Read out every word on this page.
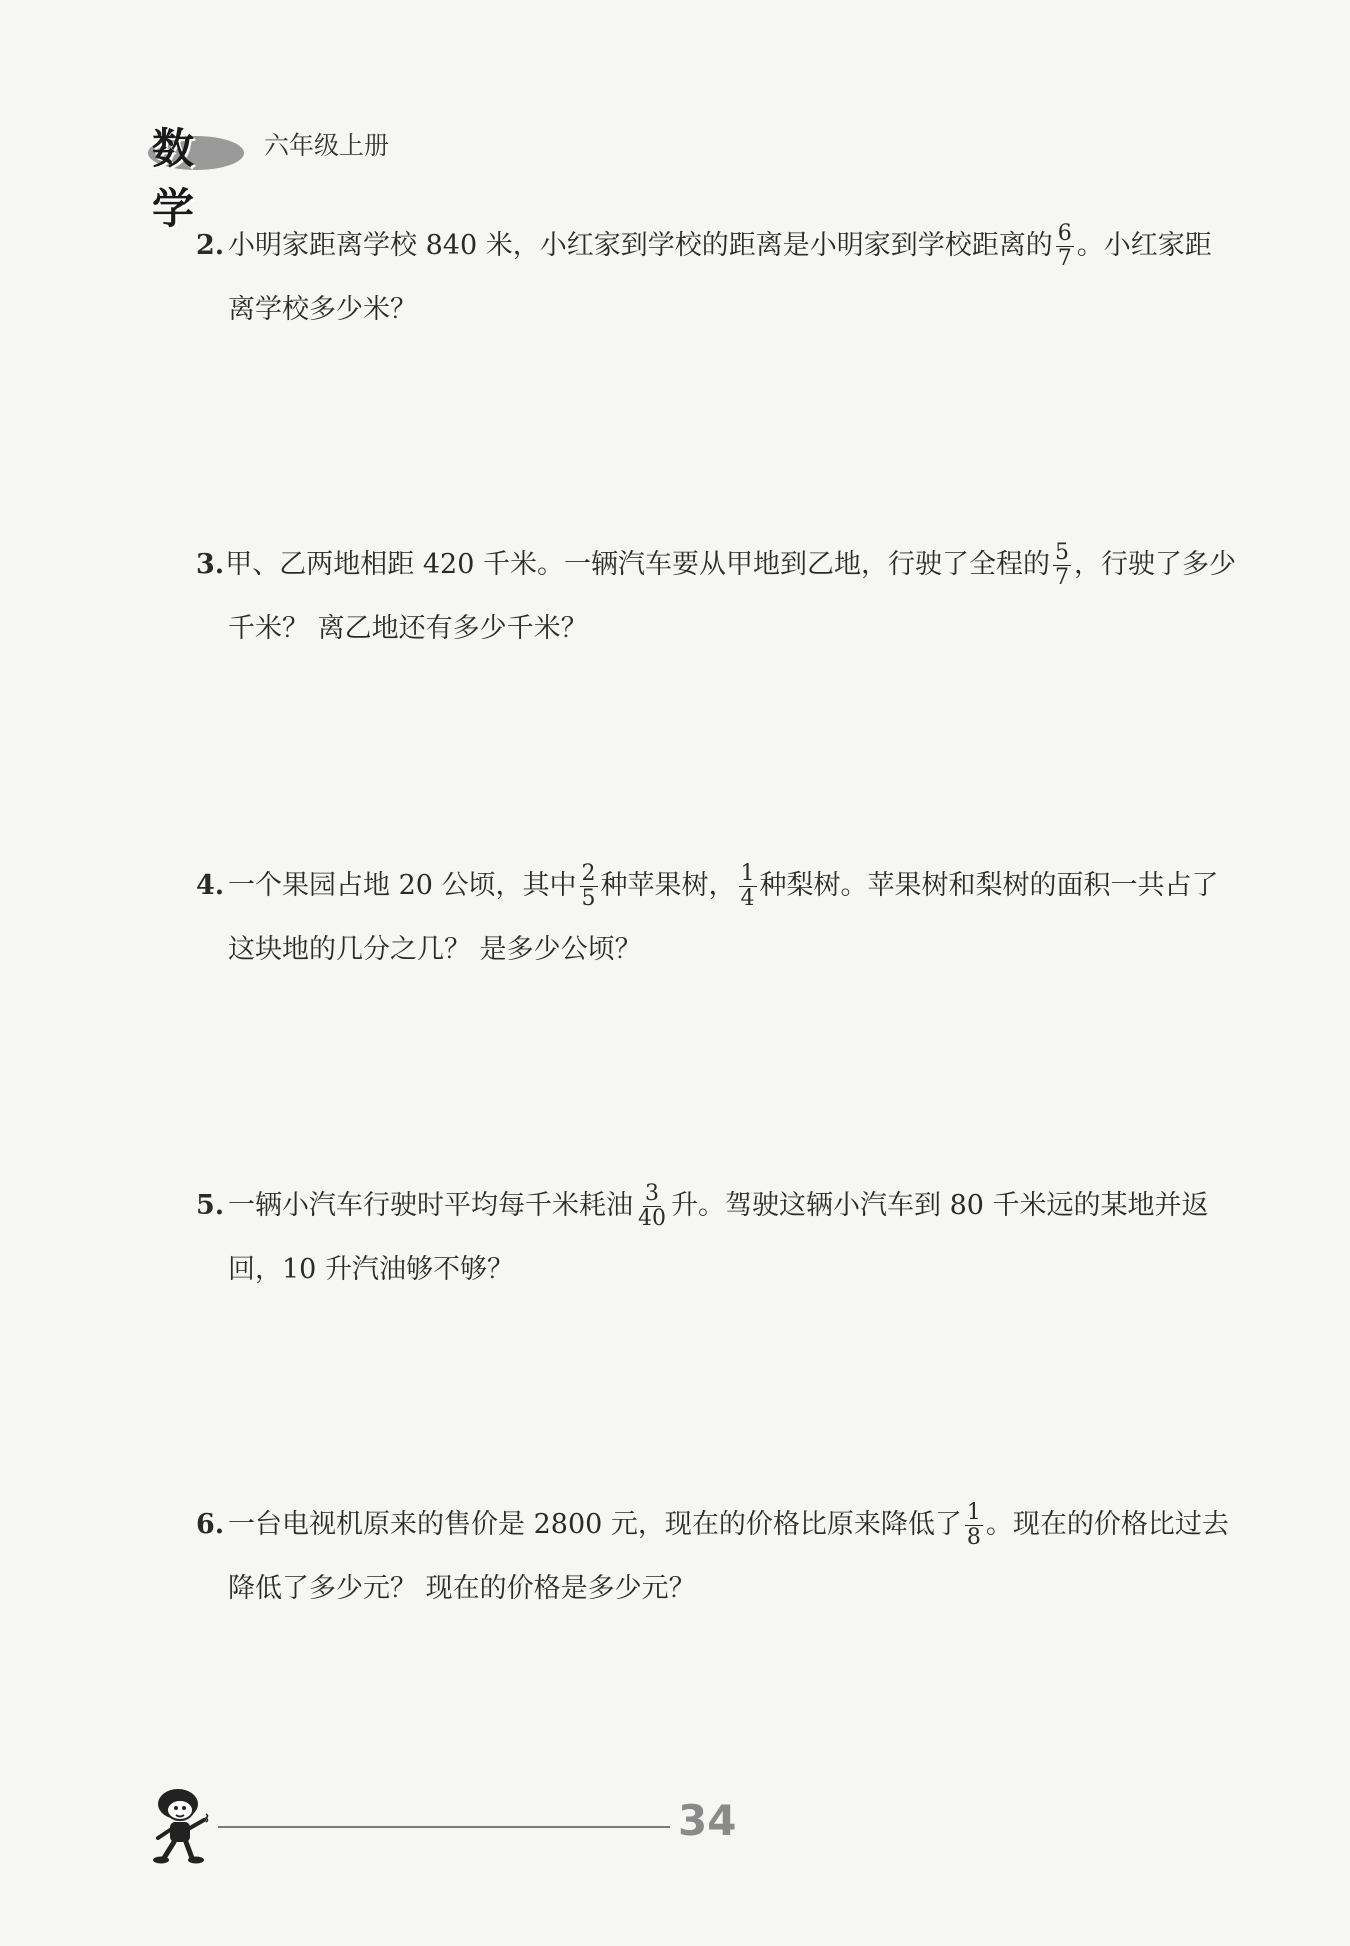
数学
六年级上册
2. 小明家距离学校 840 米，小红家到学校的距离是小明家到学校距离的 $\frac{6}{7}$ 。小红家距
离学校多少米？
3. 甲、乙两地相距 420 千米。一辆汽车要从甲地到乙地，行驶了全程的 $\frac{5}{7}$ ，行驶了多少
千米？ 离乙地还有多少千米？
4. 一个果园占地 20 公顷，其中 $\frac{2}{5}$ 种苹果树， $\frac{1}{4}$ 种梨树。苹果树和梨树的面积一共占了
这块地的几分之几？ 是多少公顷？
5. 一辆小汽车行驶时平均每千米耗油 $\frac{3}{40}$ 升。驾驶这辆小汽车到 80 千米远的某地并返
回，10 升汽油够不够？
6. 一台电视机原来的售价是 2800 元，现在的价格比原来降低了 $\frac{1}{8}$ 。现在的价格比过去
降低了多少元？ 现在的价格是多少元？
34
